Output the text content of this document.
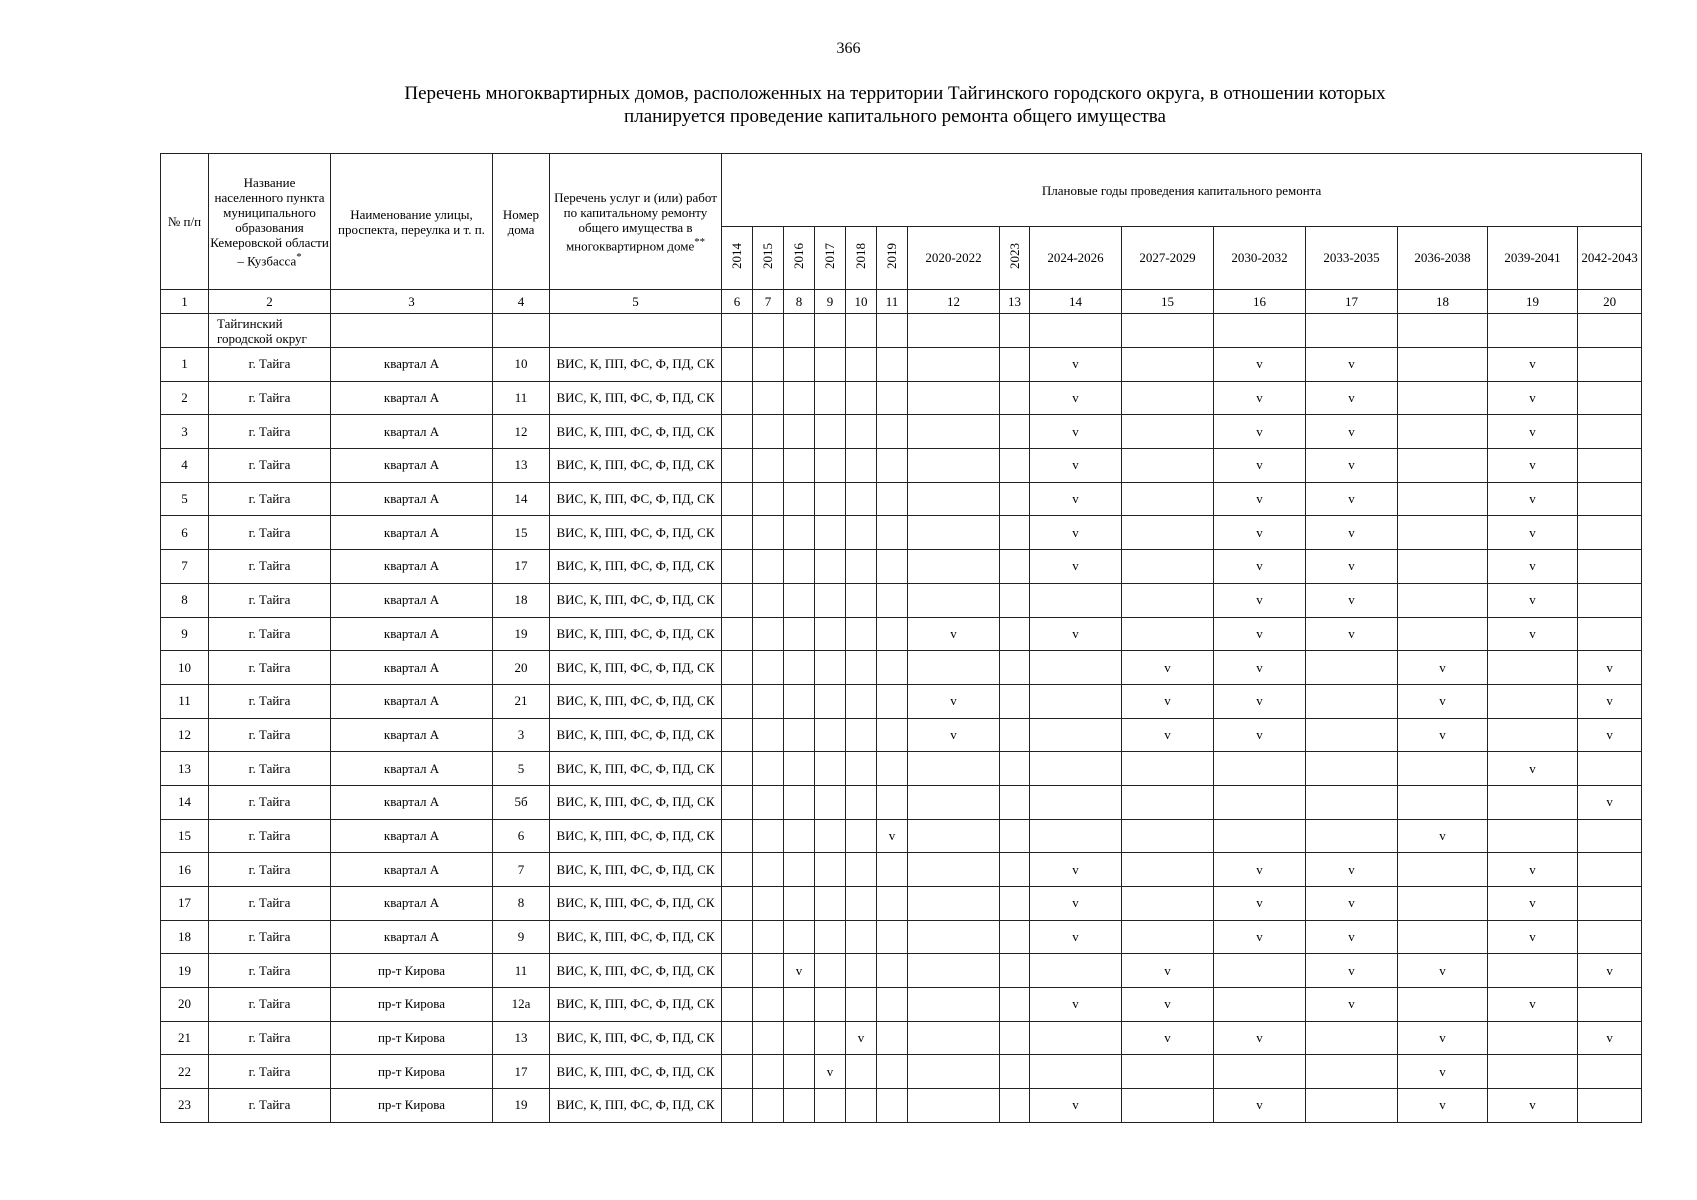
366
Перечень многоквартирных домов, расположенных на территории Тайгинского городского округа, в отношении которых
планируется проведение капитального ремонта общего имущества
№ п/п	Название населенного пункта муниципального образования Кемеровской области – Кузбасса*	Наименование улицы, проспекта, переулка и т. п.	Номер дома	Перечень услуг и (или) работ по капитальному ремонту общего имущества в многоквартирном доме**	Плановые годы проведения капитального ремонта														
					2014	2015	2016	2017	2018	2019	2020-2022	2023	2024-2026	2027-2029	2030-2032	2033-2035	2036-2038	2039-2041	2042-2043
1	2	3	4	5	6	7	8	9	10	11	12	13	14	15	16	17	18	19	20
	Тайгинский городской округ																		
1	г. Тайга	квартал А	10	ВИС, К, ПП, ФС, Ф, ПД, СК									v		v	v		v	
2	г. Тайга	квартал А	11	ВИС, К, ПП, ФС, Ф, ПД, СК									v		v	v		v	
3	г. Тайга	квартал А	12	ВИС, К, ПП, ФС, Ф, ПД, СК									v		v	v		v	
4	г. Тайга	квартал А	13	ВИС, К, ПП, ФС, Ф, ПД, СК									v		v	v		v	
5	г. Тайга	квартал А	14	ВИС, К, ПП, ФС, Ф, ПД, СК									v		v	v		v	
6	г. Тайга	квартал А	15	ВИС, К, ПП, ФС, Ф, ПД, СК									v		v	v		v	
7	г. Тайга	квартал А	17	ВИС, К, ПП, ФС, Ф, ПД, СК									v		v	v		v	
8	г. Тайга	квартал А	18	ВИС, К, ПП, ФС, Ф, ПД, СК											v	v		v	
9	г. Тайга	квартал А	19	ВИС, К, ПП, ФС, Ф, ПД, СК							v		v		v	v		v	
10	г. Тайга	квартал А	20	ВИС, К, ПП, ФС, Ф, ПД, СК										v	v		v		v
11	г. Тайга	квартал А	21	ВИС, К, ПП, ФС, Ф, ПД, СК							v			v	v		v		v
12	г. Тайга	квартал А	3	ВИС, К, ПП, ФС, Ф, ПД, СК							v			v	v		v		v
13	г. Тайга	квартал А	5	ВИС, К, ПП, ФС, Ф, ПД, СК														v	
14	г. Тайга	квартал А	5б	ВИС, К, ПП, ФС, Ф, ПД, СК															v
15	г. Тайга	квартал А	6	ВИС, К, ПП, ФС, Ф, ПД, СК						v							v		
16	г. Тайга	квартал А	7	ВИС, К, ПП, ФС, Ф, ПД, СК									v		v	v		v	
17	г. Тайга	квартал А	8	ВИС, К, ПП, ФС, Ф, ПД, СК									v		v	v		v	
18	г. Тайга	квартал А	9	ВИС, К, ПП, ФС, Ф, ПД, СК									v		v	v		v	
19	г. Тайга	пр-т Кирова	11	ВИС, К, ПП, ФС, Ф, ПД, СК			v							v		v	v		v
20	г. Тайга	пр-т Кирова	12а	ВИС, К, ПП, ФС, Ф, ПД, СК									v	v		v		v	
21	г. Тайга	пр-т Кирова	13	ВИС, К, ПП, ФС, Ф, ПД, СК					v					v	v		v		v
22	г. Тайга	пр-т Кирова	17	ВИС, К, ПП, ФС, Ф, ПД, СК				v									v		
23	г. Тайга	пр-т Кирова	19	ВИС, К, ПП, ФС, Ф, ПД, СК									v		v		v	v	
